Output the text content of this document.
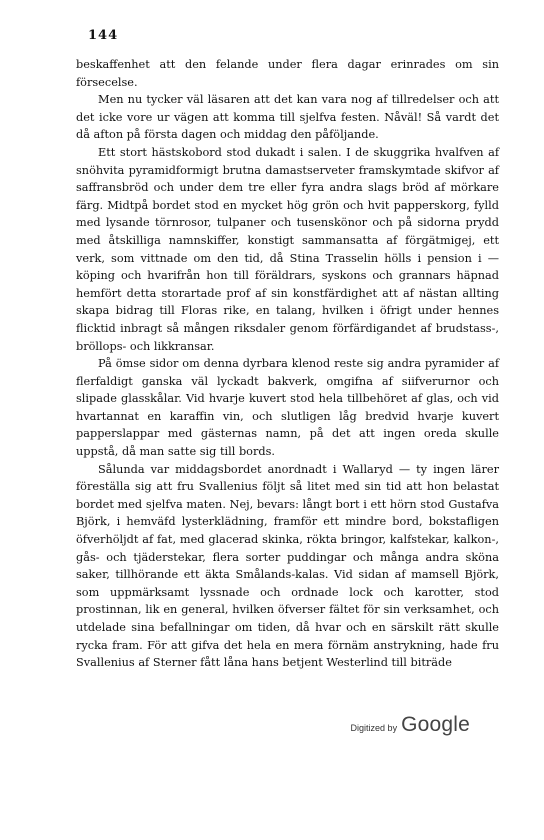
144

beskaffenhet att den felande under flera dagar erinrades om sin försecelse.

Men nu tycker väl läsaren att det kan vara nog af tillredelser och att det icke vore ur vägen att komma till sjelfva festen. Nåväl! Så vardt det då afton på första dagen och middag den påföljande.

Ett stort hästskobord stod dukadt i salen. I de skuggrika hvalfven af snöhvita pyramidformigt brutna damastserveter framskymtade skifvor af saffransbröd och under dem tre eller fyra andra slags bröd af mörkare färg. Midtpå bordet stod en mycket hög grön och hvit papperskorg, fylld med lysande törnrosor, tulpaner och tusenskönor och på sidorna prydd med åtskilliga namnskiffer, konstigt sammansatta af förgätmigej, ett verk, som vittnade om den tid, då Stina Trasselin hölls i pension i —köping och hvarifrån hon till föräldrars, syskons och grannars häpnad hemfört detta storartade prof af sin konstfärdighet att af nästan allting skapa bidrag till Floras rike, en talang, hvilken i öfrigt under hennes flicktid inbragt så mången riksdaler genom förfärdigandet af brudstass-, bröllops- och likkransar.

På ömse sidor om denna dyrbara klenod reste sig andra pyramider af flerfaldigt ganska väl lyckadt bakverk, omgifna af siifverurnor och slipade glasskålar. Vid hvarje kuvert stod hela tillbehöret af glas, och vid hvartannat en karaffin vin, och slutligen låg bredvid hvarje kuvert papperslappar med gästernas namn, på det att ingen oreda skulle uppstå, då man satte sig till bords.

Sålunda var middagsbordet anordnadt i Wallaryd — ty ingen lärer föreställa sig att fru Svallenius följt så litet med sin tid att hon belastat bordet med sjelfva maten. Nej, bevars: långt bort i ett hörn stod Gustafva Björk, i hemväfd lysterklädning, framför ett mindre bord, bokstafligen öfverhöljdt af fat, med glacerad skinka, rökta bringor, kalfstekar, kalkon-, gås- och tjäderstekar, flera sorter puddingar och många andra sköna saker, tillhörande ett äkta Smålands-kalas. Vid sidan af mamsell Björk, som uppmärksamt lyssnade och ordnade lock och karotter, stod prostinnan, lik en general, hvilken öfverser fältet för sin verksamhet, och utdelade sina befallningar om tiden, då hvar och en särskilt rätt skulle rycka fram. För att gifva det hela en mera förnäm anstrykning, hade fru Svallenius af Sterner fått låna hans betjent Westerlind till biträde

Digitized by Google
